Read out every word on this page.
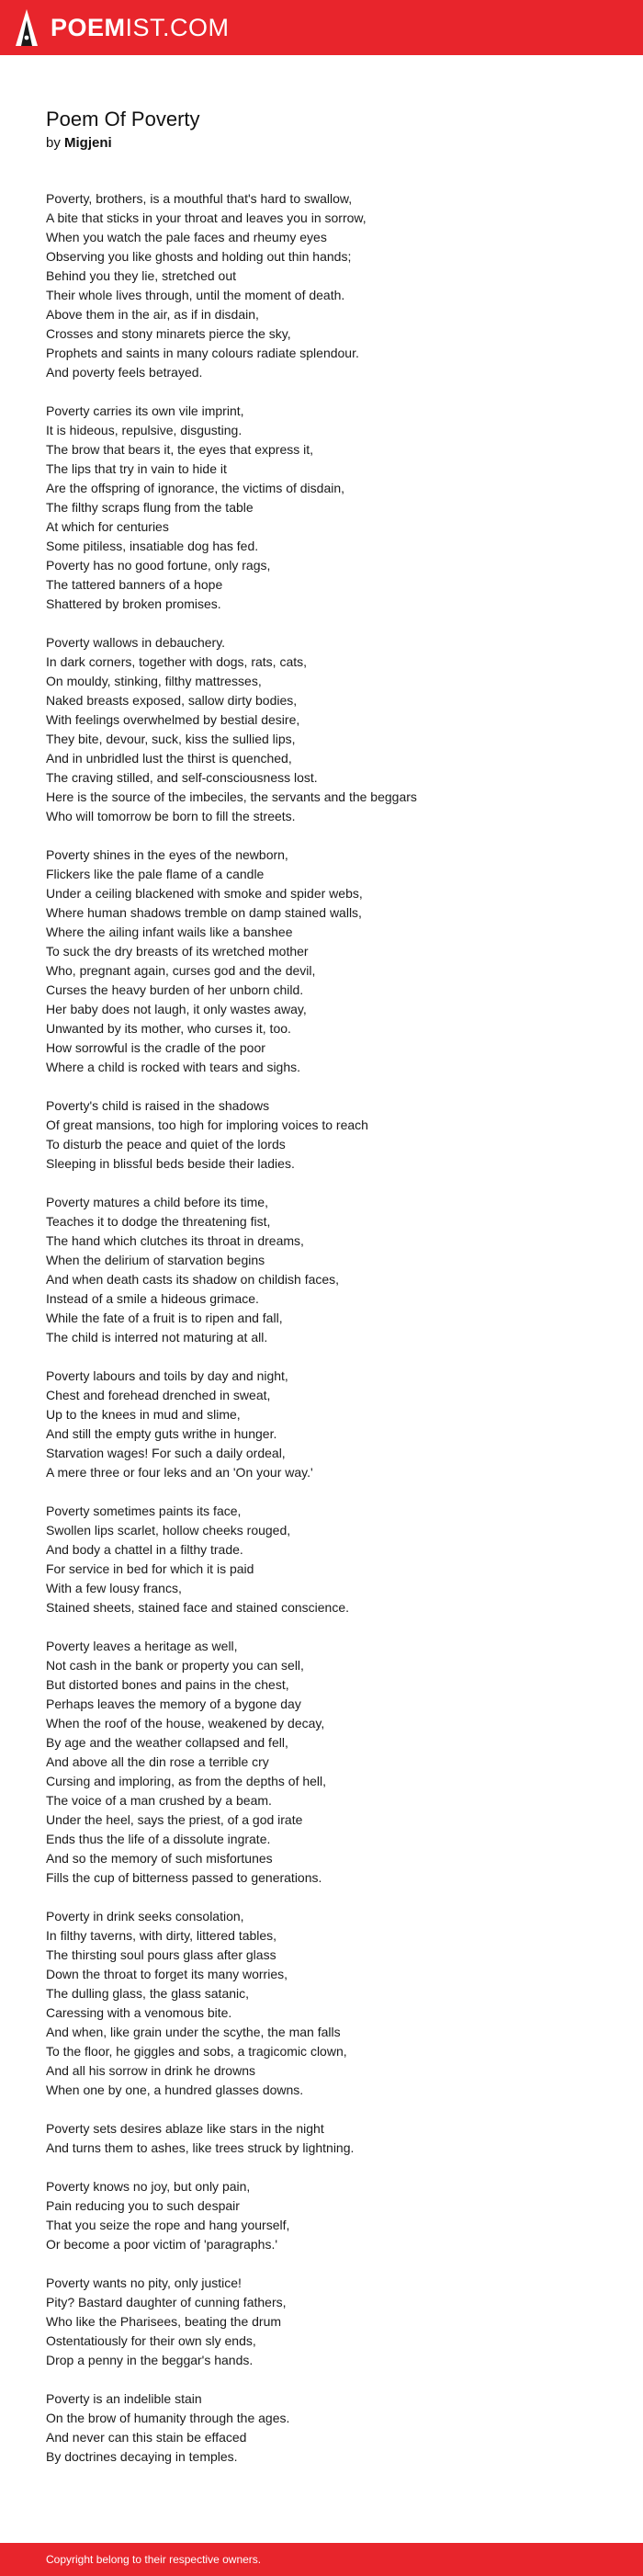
POEM IST.COM
Poem Of Poverty
by Migjeni
Poverty, brothers, is a mouthful that's hard to swallow,
A bite that sticks in your throat and leaves you in sorrow,
When you watch the pale faces and rheumy eyes
Observing you like ghosts and holding out thin hands;
Behind you they lie, stretched out
Their whole lives through, until the moment of death.
Above them in the air, as if in disdain,
Crosses and stony minarets pierce the sky,
Prophets and saints in many colours radiate splendour.
And poverty feels betrayed.
Poverty carries its own vile imprint,
It is hideous, repulsive, disgusting.
The brow that bears it, the eyes that express it,
The lips that try in vain to hide it
Are the offspring of ignorance, the victims of disdain,
The filthy scraps flung from the table
At which for centuries
Some pitiless, insatiable dog has fed.
Poverty has no good fortune, only rags,
The tattered banners of a hope
Shattered by broken promises.
Poverty wallows in debauchery.
In dark corners, together with dogs, rats, cats,
On mouldy, stinking, filthy mattresses,
Naked breasts exposed, sallow dirty bodies,
With feelings overwhelmed by bestial desire,
They bite, devour, suck, kiss the sullied lips,
And in unbridled lust the thirst is quenched,
The craving stilled, and self-consciousness lost.
Here is the source of the imbeciles, the servants and the beggars
Who will tomorrow be born to fill the streets.
Poverty shines in the eyes of the newborn,
Flickers like the pale flame of a candle
Under a ceiling blackened with smoke and spider webs,
Where human shadows tremble on damp stained walls,
Where the ailing infant wails like a banshee
To suck the dry breasts of its wretched mother
Who, pregnant again, curses god and the devil,
Curses the heavy burden of her unborn child.
Her baby does not laugh, it only wastes away,
Unwanted by its mother, who curses it, too.
How sorrowful is the cradle of the poor
Where a child is rocked with tears and sighs.
Poverty's child is raised in the shadows
Of great mansions, too high for imploring voices to reach
To disturb the peace and quiet of the lords
Sleeping in blissful beds beside their ladies.
Poverty matures a child before its time,
Teaches it to dodge the threatening fist,
The hand which clutches its throat in dreams,
When the delirium of starvation begins
And when death casts its shadow on childish faces,
Instead of a smile a hideous grimace.
While the fate of a fruit is to ripen and fall,
The child is interred not maturing at all.
Poverty labours and toils by day and night,
Chest and forehead drenched in sweat,
Up to the knees in mud and slime,
And still the empty guts writhe in hunger.
Starvation wages! For such a daily ordeal,
A mere three or four leks and an 'On your way.'
Poverty sometimes paints its face,
Swollen lips scarlet, hollow cheeks rouged,
And body a chattel in a filthy trade.
For service in bed for which it is paid
With a few lousy francs,
Stained sheets, stained face and stained conscience.
Poverty leaves a heritage as well,
Not cash in the bank or property you can sell,
But distorted bones and pains in the chest,
Perhaps leaves the memory of a bygone day
When the roof of the house, weakened by decay,
By age and the weather collapsed and fell,
And above all the din rose a terrible cry
Cursing and imploring, as from the depths of hell,
The voice of a man crushed by a beam.
Under the heel, says the priest, of a god irate
Ends thus the life of a dissolute ingrate.
And so the memory of such misfortunes
Fills the cup of bitterness passed to generations.
Poverty in drink seeks consolation,
In filthy taverns, with dirty, littered tables,
The thirsting soul pours glass after glass
Down the throat to forget its many worries,
The dulling glass, the glass satanic,
Caressing with a venomous bite.
And when, like grain under the scythe, the man falls
To the floor, he giggles and sobs, a tragicomic clown,
And all his sorrow in drink he drowns
When one by one, a hundred glasses downs.
Poverty sets desires ablaze like stars in the night
And turns them to ashes, like trees struck by lightning.
Poverty knows no joy, but only pain,
Pain reducing you to such despair
That you seize the rope and hang yourself,
Or become a poor victim of 'paragraphs.'
Poverty wants no pity, only justice!
Pity? Bastard daughter of cunning fathers,
Who like the Pharisees, beating the drum
Ostentatiously for their own sly ends,
Drop a penny in the beggar's hands.
Poverty is an indelible stain
On the brow of humanity through the ages.
And never can this stain be effaced
By doctrines decaying in temples.
Copyright belong to their respective owners.
